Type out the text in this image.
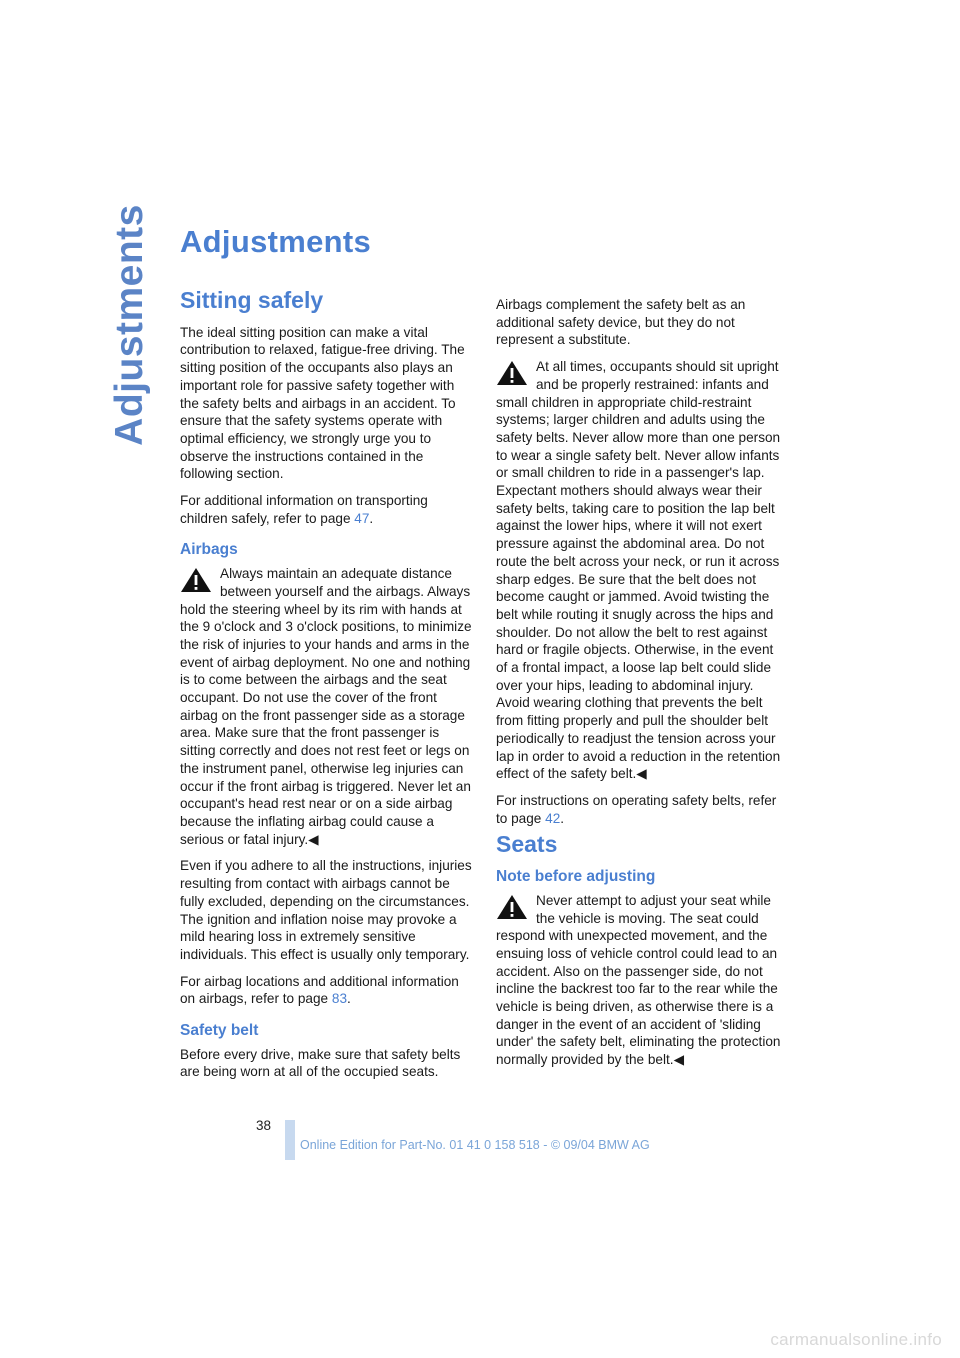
Adjustments Adjustments
Sitting safely

The ideal sitting position can make a vital contribution to relaxed, fatigue-free driving. The sitting position of the occupants also plays an important role for passive safety together with the safety belts and airbags in an accident. To ensure that the safety systems operate with optimal efficiency, we strongly urge you to observe the instructions contained in the following section.

For additional information on transporting children safely, refer to page 47.

Airbags
Always maintain an adequate distance between yourself and the airbags. Always hold the steering wheel by its rim with hands at the 9 o'clock and 3 o'clock positions, to minimize the risk of injuries to your hands and arms in the event of airbag deployment. No one and nothing is to come between the airbags and the seat occupant. Do not use the cover of the front airbag on the front passenger side as a storage area. Make sure that the front passenger is sitting correctly and does not rest feet or legs on the instrument panel, otherwise leg injuries can occur if the front airbag is triggered. Never let an occupant's head rest near or on a side airbag because the inflating airbag could cause a serious or fatal injury.◀

Even if you adhere to all the instructions, injuries resulting from contact with airbags cannot be fully excluded, depending on the circumstances. The ignition and inflation noise may provoke a mild hearing loss in extremely sensitive individuals. This effect is usually only temporary.

For airbag locations and additional information on airbags, refer to page 83.

Safety belt

Before every drive, make sure that safety belts are being worn at all of the occupied seats.

Airbags complement the safety belt as an additional safety device, but they do not represent a substitute.

At all times, occupants should sit upright and be properly restrained: infants and small children in appropriate child-restraint systems; larger children and adults using the safety belts. Never allow more than one person to wear a single safety belt. Never allow infants or small children to ride in a passenger's lap. Expectant mothers should always wear their safety belts, taking care to position the lap belt against the lower hips, where it will not exert pressure against the abdominal area. Do not route the belt across your neck, or run it across sharp edges. Be sure that the belt does not become caught or jammed. Avoid twisting the belt while routing it snugly across the hips and shoulder. Do not allow the belt to rest against hard or fragile objects. Otherwise, in the event of a frontal impact, a loose lap belt could slide over your hips, leading to abdominal injury. Avoid wearing clothing that prevents the belt from fitting properly and pull the shoulder belt periodically to readjust the tension across your lap in order to avoid a reduction in the retention effect of the safety belt.◀

For instructions on operating safety belts, refer to page 42.

Seats
Note before adjusting
Never attempt to adjust your seat while the vehicle is moving. The seat could respond with unexpected movement, and the ensuing loss of vehicle control could lead to an accident. Also on the passenger side, do not incline the backrest too far to the rear while the vehicle is being driven, as otherwise there is a danger in the event of an accident of 'sliding under' the safety belt, eliminating the protection normally provided by the belt.◀
38
Online Edition for Part-No. 01 41 0 158 518 - © 09/04 BMW AG
carmanualsonline.info
